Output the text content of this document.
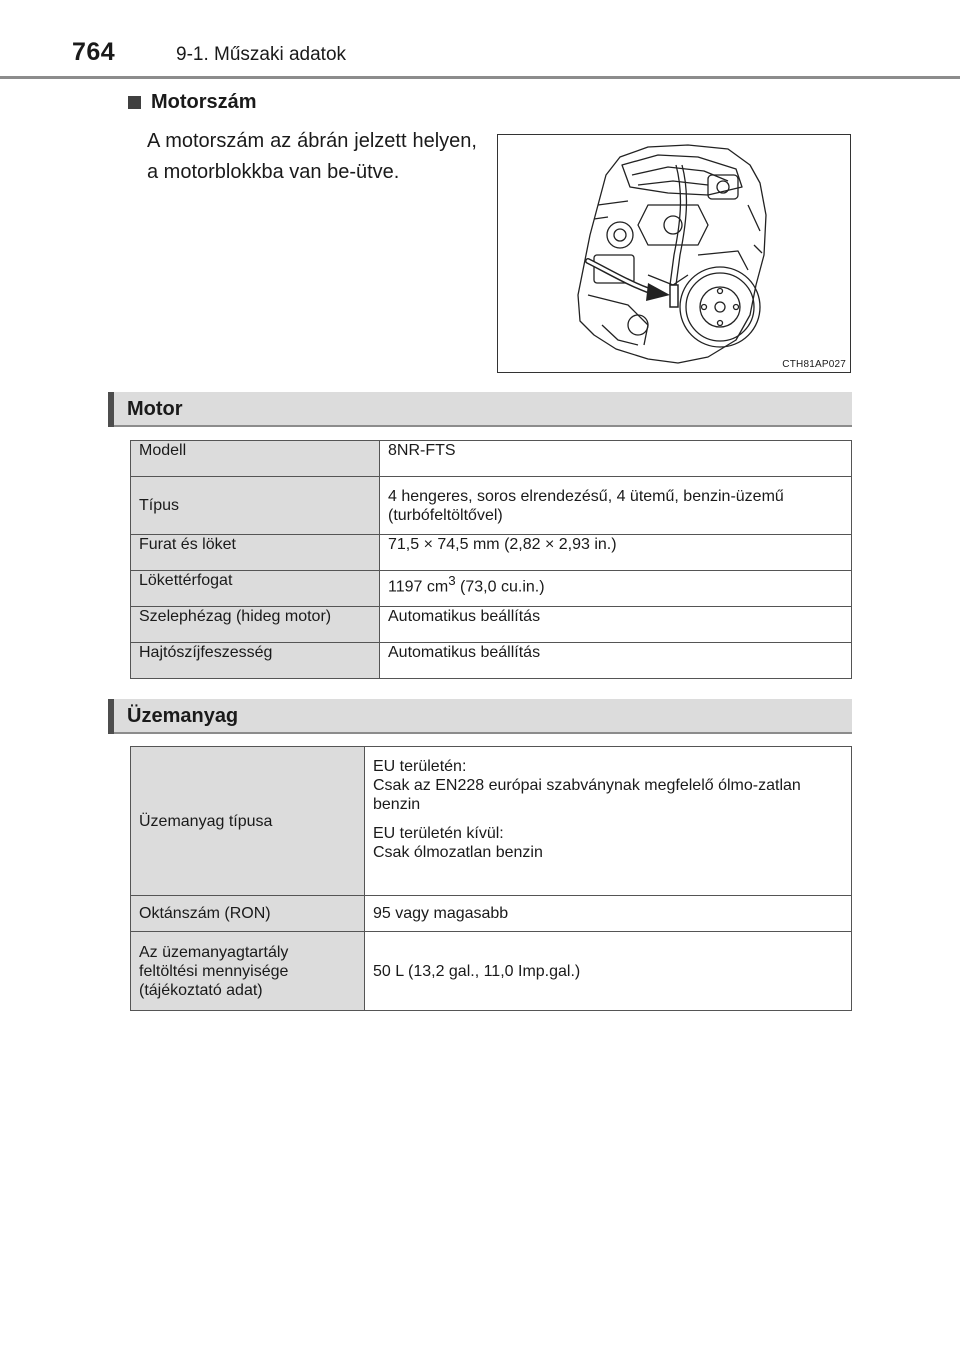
764	9-1. Műszaki adatok
Motorszám
A motorszám az ábrán jelzett helyen, a motorblokkba van be-ütve.
CTH81AP027
Motor
Modell	8NR-FTS
Típus	4 hengeres, soros elrendezésű, 4 ütemű, benzin-üzemű (turbófeltöltővel)
Furat és löket	71,5 × 74,5 mm (2,82 × 2,93 in.)
Lökettérfogat	1197 $cm^3$ (73,0 cu.in.)
Szelephézag (hideg motor)	Automatikus beállítás
Hajtószíjfeszesség	Automatikus beállítás
Üzemanyag
Üzemanyag típusa	EU területén:
Csak az EN228 európai szabványnak megfelelő ólmo-zatlan benzin
EU területén kívül:
Csak ólmozatlan benzin

Oktánszám (RON)	95 vagy magasabb

Az üzemanyagtartály
feltöltési mennyisége
(tájékoztató adat)	50 L (13,2 gal., 11,0 Imp.gal.)
